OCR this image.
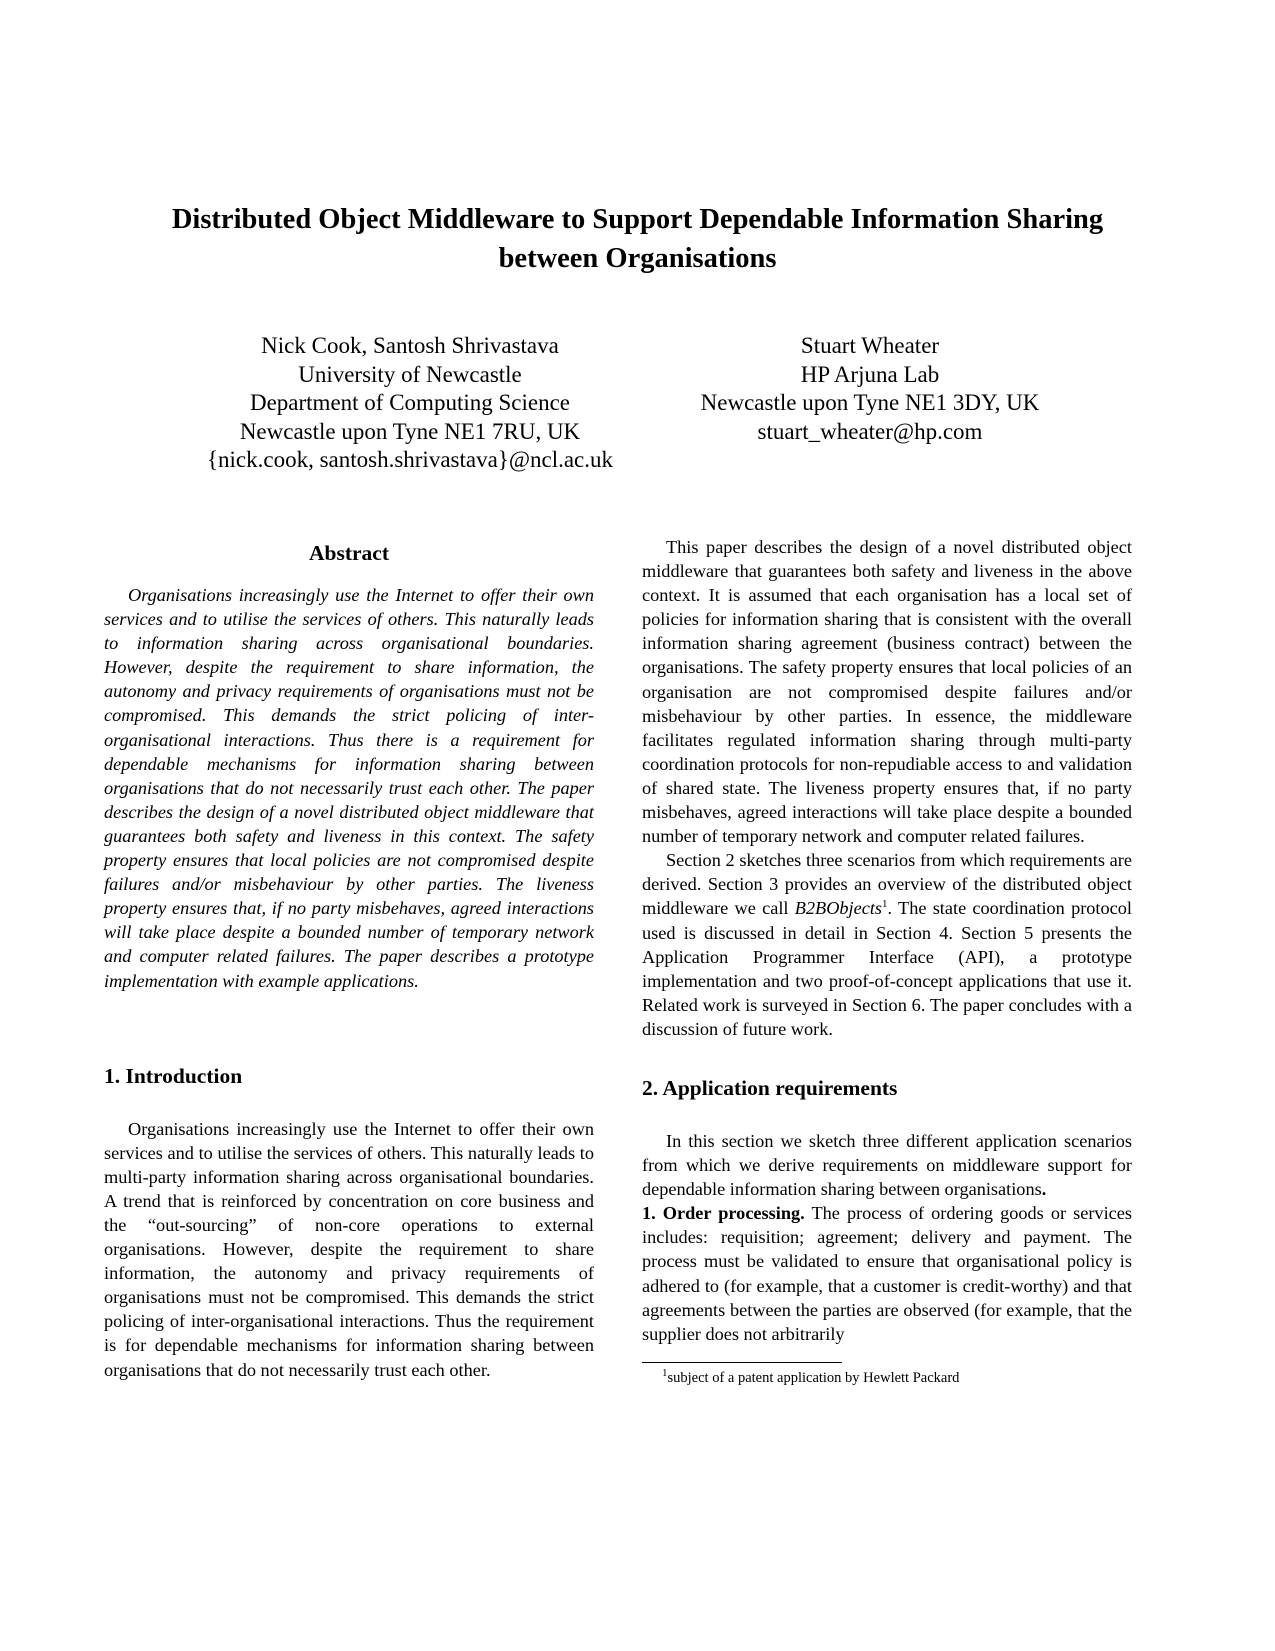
Distributed Object Middleware to Support Dependable Information Sharing
between Organisations
Nick Cook, Santosh Shrivastava
University of Newcastle
Department of Computing Science
Newcastle upon Tyne NE1 7RU, UK
{nick.cook, santosh.shrivastava}@ncl.ac.uk
Stuart Wheater
HP Arjuna Lab
Newcastle upon Tyne NE1 3DY, UK
stuart_wheater@hp.com
Abstract

Organisations increasingly use the Internet to offer their own services and to utilise the services of others. This naturally leads to information sharing across organisational boundaries. However, despite the requirement to share information, the autonomy and privacy requirements of organisations must not be compromised. This demands the strict policing of inter-organisational interactions. Thus there is a requirement for dependable mechanisms for information sharing between organisations that do not necessarily trust each other. The paper describes the design of a novel distributed object middleware that guarantees both safety and liveness in this context. The safety property ensures that local policies are not compromised despite failures and/or misbehaviour by other parties. The liveness property ensures that, if no party misbehaves, agreed interactions will take place despite a bounded number of temporary network and computer related failures. The paper describes a prototype implementation with example applications.

1. Introduction

Organisations increasingly use the Internet to offer their own services and to utilise the services of others. This naturally leads to multi-party information sharing across organisational boundaries. A trend that is reinforced by concentration on core business and the “out-sourcing” of non-core operations to external organisations. However, despite the requirement to share information, the autonomy and privacy requirements of organisations must not be compromised. This demands the strict policing of inter-organisational interactions. Thus the requirement is for dependable mechanisms for information sharing between organisations that do not necessarily trust each other.

This paper describes the design of a novel distributed object middleware that guarantees both safety and liveness in the above context. It is assumed that each organisation has a local set of policies for information sharing that is consistent with the overall information sharing agreement (business contract) between the organisations. The safety property ensures that local policies of an organisation are not compromised despite failures and/or misbehaviour by other parties. In essence, the middleware facilitates regulated information sharing through multi-party coordination protocols for non-repudiable access to and validation of shared state. The liveness property ensures that, if no party misbehaves, agreed interactions will take place despite a bounded number of temporary network and computer related failures.

Section 2 sketches three scenarios from which requirements are derived. Section 3 provides an overview of the distributed object middleware we call B2BObjects$^1$. The state coordination protocol used is discussed in detail in Section 4. Section 5 presents the Application Programmer Interface (API), a prototype implementation and two proof-of-concept applications that use it. Related work is surveyed in Section 6. The paper concludes with a discussion of future work.

2. Application requirements

In this section we sketch three different application scenarios from which we derive requirements on middleware support for dependable information sharing between organisations.

1. Order processing. The process of ordering goods or services includes: requisition; agreement; delivery and payment. The process must be validated to ensure that organisational policy is adhered to (for example, that a customer is credit-worthy) and that agreements between the parties are observed (for example, that the supplier does not arbitrarily

$^1$subject of a patent application by Hewlett Packard
